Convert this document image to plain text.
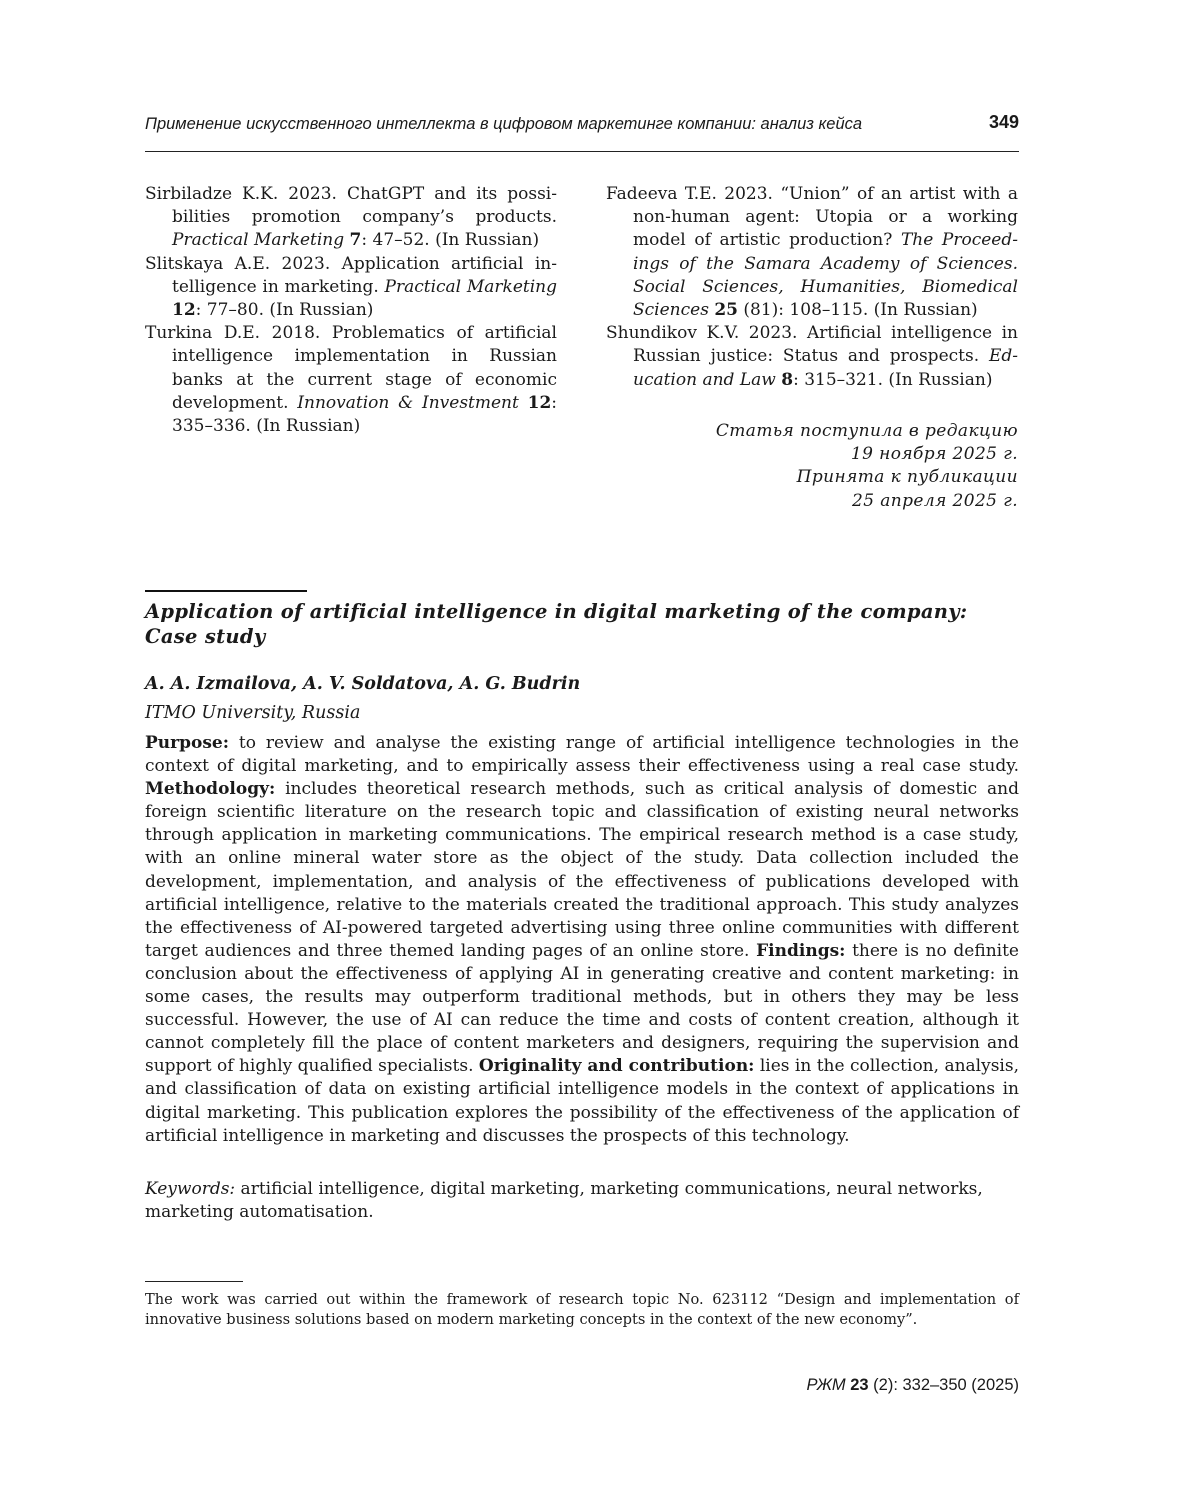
Применение искусственного интеллекта в цифровом маркетинге компании: анализ кейса	349

Sirbiladze K.K. 2023. ChatGPT and its possibilities promotion company’s products. Practical Marketing 7: 47–52. (In Russian)

Slitskaya A.E. 2023. Application artificial intelligence in marketing. Practical Marketing 12: 77–80. (In Russian)

Turkina D.E. 2018. Problematics of artificial intelligence implementation in Russian banks at the current stage of economic development. Innovation & Investment 12: 335–336. (In Russian)

Fadeeva T.E. 2023. “Union” of an artist with a non-human agent: Utopia or a working model of artistic production? The Proceedings of the Samara Academy of Sciences. Social Sciences, Humanities, Biomedical Sciences 25 (81): 108–115. (In Russian)

Shundikov K.V. 2023. Artificial intelligence in Russian justice: Status and prospects. Education and Law 8: 315–321. (In Russian)

Статья поступила в редакцию
19 ноября 2025 г.
Принята к публикации
25 апреля 2025 г.
Application of artificial intelligence in digital marketing of the company: Case study
A. A. Izmailova, A. V. Soldatova, A. G. Budrin
ITMO University, Russia

Purpose: to review and analyse the existing range of artificial intelligence technologies in the context of digital marketing, and to empirically assess their effectiveness using a real case study. Methodology: includes theoretical research methods, such as critical analysis of domestic and foreign scientific literature on the research topic and classification of existing neural networks through application in marketing communications. The empirical research method is a case study, with an online mineral water store as the object of the study. Data collection included the development, implementation, and analysis of the effectiveness of publications developed with artificial intelligence, relative to the materials created the traditional approach. This study analyzes the effectiveness of AI-powered targeted advertising using three online communities with different target audiences and three themed landing pages of an online store. Findings: there is no definite conclusion about the effectiveness of applying AI in generating creative and content marketing: in some cases, the results may outperform traditional methods, but in others they may be less successful. However, the use of AI can reduce the time and costs of content creation, although it cannot completely fill the place of content marketers and designers, requiring the supervision and support of highly qualified specialists. Originality and contribution: lies in the collection, analysis, and classification of data on existing artificial intelligence models in the context of applications in digital marketing. This publication explores the possibility of the effectiveness of the application of artificial intelligence in marketing and discusses the prospects of this technology.

Keywords: artificial intelligence, digital marketing, marketing communications, neural networks, marketing automatisation.

The work was carried out within the framework of research topic No. 623112 “Design and implementation of innovative business solutions based on modern marketing concepts in the context of the new economy”.

РЖМ 23 (2): 332–350 (2025)
